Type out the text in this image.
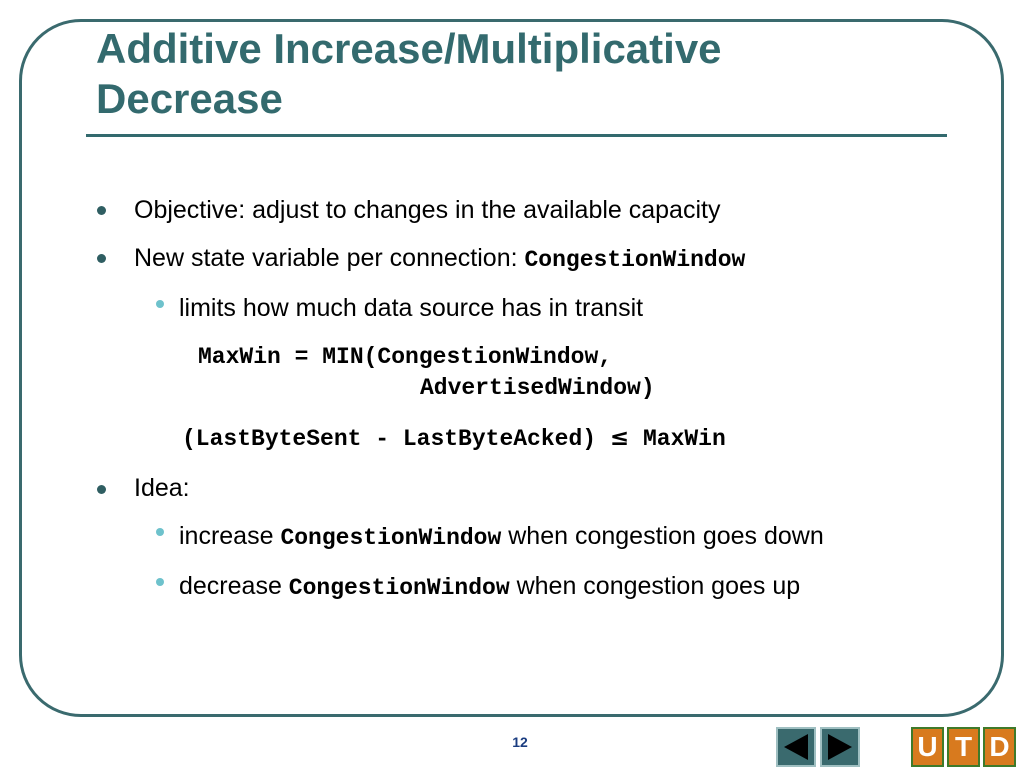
Additive Increase/Multiplicative
Decrease
Objective: adjust to changes in the available capacity
New state variable per connection: CongestionWindow
limits how much data source has in transit
MaxWin = MIN(CongestionWindow,
AdvertisedWindow)
(LastByteSent - LastByteAcked) ≤ MaxWin
Idea:
increase CongestionWindow when congestion goes down
decrease CongestionWindow when congestion goes up
12	U T D
